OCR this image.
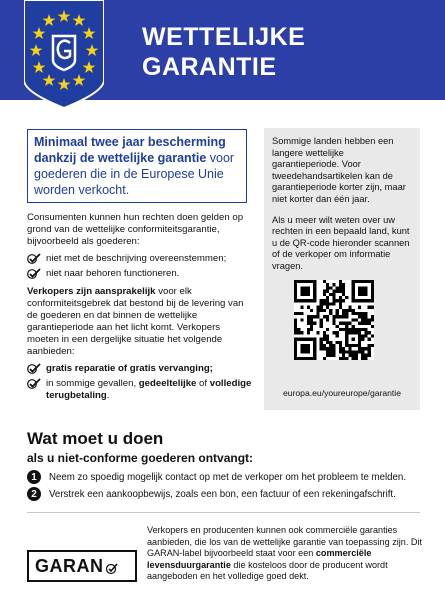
WETTELIJKE
GARANTIE

Minimaal twee jaar bescherming dankzij de wettelijke garantie voor goederen die in de Europese Unie worden verkocht.

Consumenten kunnen hun rechten doen gelden op grond van de wettelijke conformiteitsgarantie, bijvoorbeeld als goederen:

niet met de beschrijving overeenstemmen;
niet naar behoren functioneren.

Verkopers zijn aansprakelijk voor elk conformiteitsgebrek dat bestond bij de levering van de goederen en dat binnen de wettelijke garantieperiode aan het licht komt. Verkopers moeten in een dergelijke situatie het volgende aanbieden:

gratis reparatie of gratis vervanging;
in sommige gevallen, gedeeltelijke of volledige terugbetaling.

Sommige landen hebben een langere wettelijke garantieperiode. Voor tweedehandsartikelen kan de garantieperiode korter zijn, maar niet korter dan één jaar.

Als u meer wilt weten over uw rechten in een bepaald land, kunt u de QR-code hieronder scannen of de verkoper om informatie vragen.

europa.eu/youreurope/garantie
Wat moet u doen
als u niet-conforme goederen ontvangt:
1	Neem zo spoedig mogelijk contact op met de verkoper om het probleem te melden.
2	Verstrek een aankoopbewijs, zoals een bon, een factuur of een rekeningafschrift.
GARAN
Verkopers en producenten kunnen ook commerciële garanties aanbieden, die los van de wettelijke garantie van toepassing zijn. Dit GARAN-label bijvoorbeeld staat voor een commerciële levensduurgarantie die kosteloos door de producent wordt aangeboden en het volledige goed dekt.
